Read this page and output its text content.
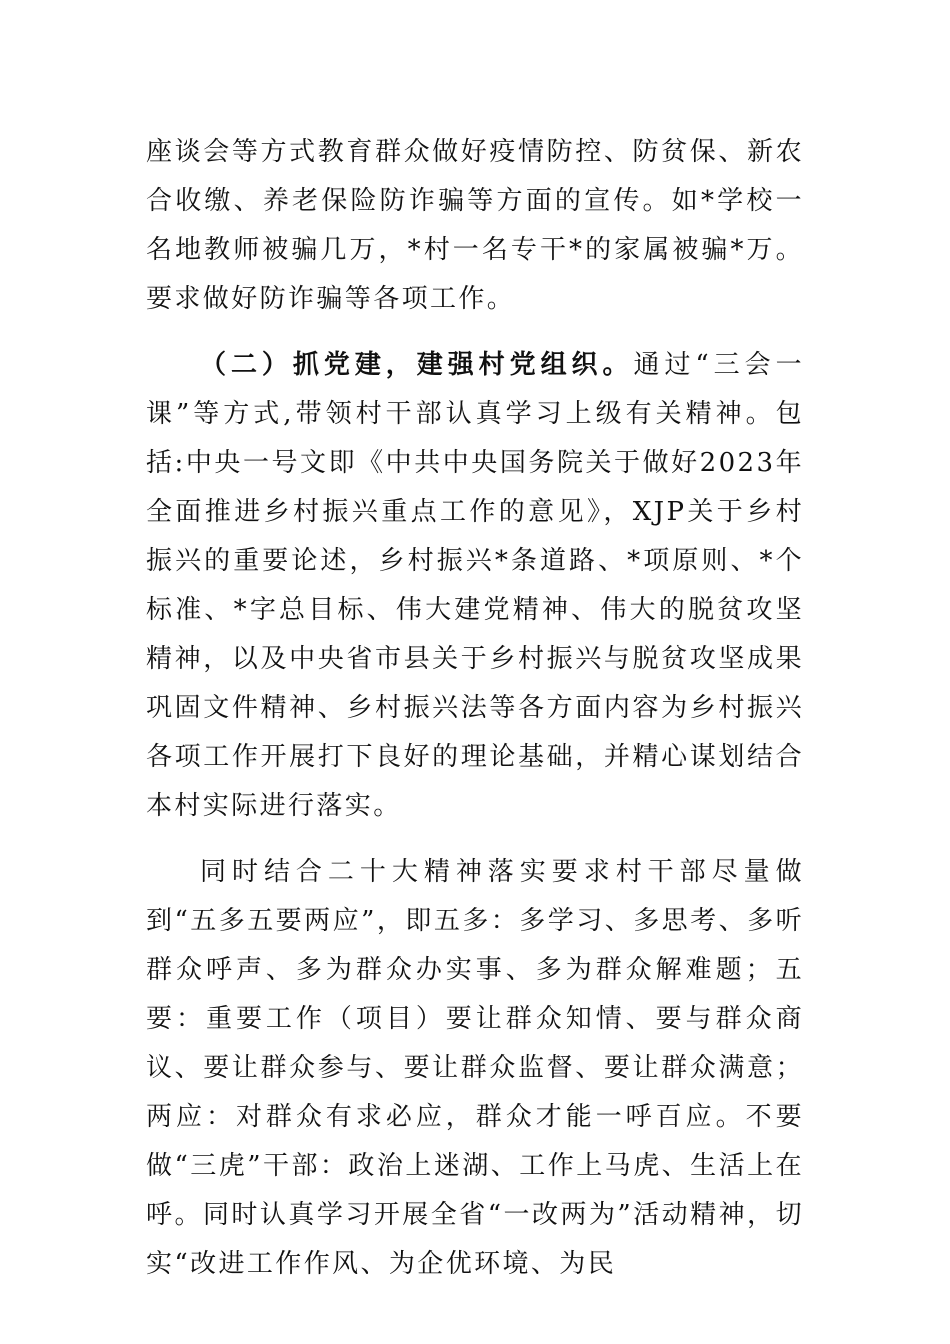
座谈会等方式教育群众做好疫情防控、防贫保、新农合收缴、养老保险防诈骗等方面的宣传。如*学校一名地教师被骗几万，*村一名专干*的家属被骗*万。要求做好防诈骗等各项工作。

（二）抓党建，建强村党组织。通过“三会一课”等方式,带领村干部认真学习上级有关精神。包括:中央一号文即《中共中央国务院关于做好2023年全面推进乡村振兴重点工作的意见》，XJP关于乡村振兴的重要论述，乡村振兴*条道路、*项原则、*个标准、*字总目标、伟大建党精神、伟大的脱贫攻坚精神，以及中央省市县关于乡村振兴与脱贫攻坚成果巩固文件精神、乡村振兴法等各方面内容为乡村振兴各项工作开展打下良好的理论基础，并精心谋划结合本村实际进行落实。

同时结合二十大精神落实要求村干部尽量做到“五多五要两应”，即五多：多学习、多思考、多听群众呼声、多为群众办实事、多为群众解难题；五要：重要工作（项目）要让群众知情、要与群众商议、要让群众参与、要让群众监督、要让群众满意；两应：对群众有求必应，群众才能一呼百应。不要做“三虎”干部：政治上迷湖、工作上马虎、生活上在呼。同时认真学习开展全省“一改两为”活动精神，切实“改进工作作风、为企优环境、为民
